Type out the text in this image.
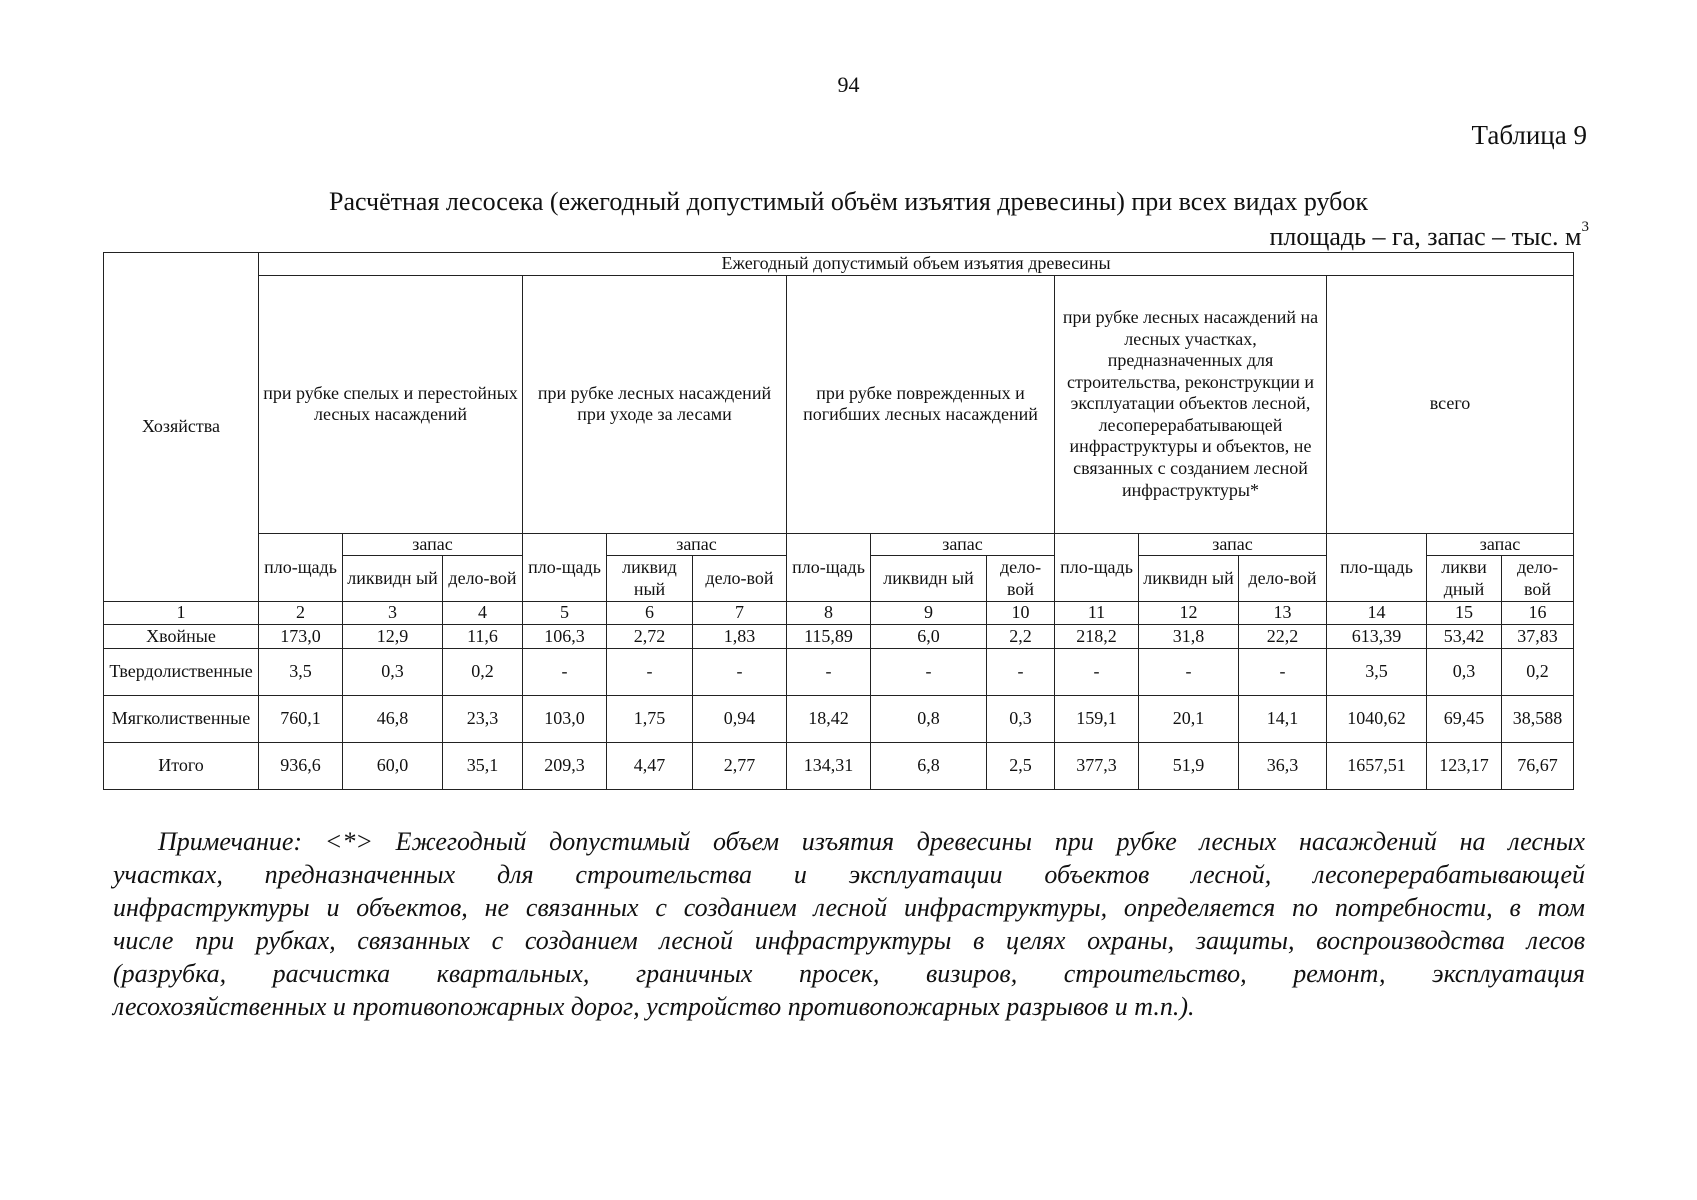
94
Таблица 9
Расчётная лесосека (ежегодный допустимый объём изъятия древесины) при всех видах рубок
площадь – га, запас – тыс. $м^3$
Хозяйства	Ежегодный допустимый объем изъятия древесины														
	при рубке спелых и перестойных лесных насаждений			при рубке лесных насаждений при уходе за лесами			при рубке поврежденных и погибших лесных насаждений			при рубке лесных насаждений на лесных участках, предназначенных для строительства, реконструкции и эксплуатации объектов лесной, лесоперерабатывающей инфраструктуры и объектов, не связанных с созданием лесной инфраструктуры*			всего		
	пло-щадь	запас		пло-щадь	запас		пло-щадь	запас		пло-щадь	запас		пло-щадь	запас	
		ликвидн ый	дело-вой		ликвид ный	дело-вой		ликвидн ый	дело-вой		ликвидн ый	дело-вой		ликви дный	дело-вой
1	2	3	4	5	6	7	8	9	10	11	12	13	14	15	16
Хвойные	173,0	12,9	11,6	106,3	2,72	1,83	115,89	6,0	2,2	218,2	31,8	22,2	613,39	53,42	37,83
Твердолиственные	3,5	0,3	0,2	-	-	-	-	-	-	-	-	-	3,5	0,3	0,2
Мягколиственные	760,1	46,8	23,3	103,0	1,75	0,94	18,42	0,8	0,3	159,1	20,1	14,1	1040,62	69,45	38,588
Итого	936,6	60,0	35,1	209,3	4,47	2,77	134,31	6,8	2,5	377,3	51,9	36,3	1657,51	123,17	76,67
Примечание: <*> Ежегодный допустимый объем изъятия древесины при рубке лесных насаждений на лесных
участках, предназначенных для строительства и эксплуатации объектов лесной, лесоперерабатывающей
инфраструктуры и объектов, не связанных с созданием лесной инфраструктуры, определяется по потребности, в том
числе при рубках, связанных с созданием лесной инфраструктуры в целях охраны, защиты, воспроизводства лесов
(разрубка, расчистка квартальных, граничных просек, визиров, строительство, ремонт, эксплуатация
лесохозяйственных и противопожарных дорог, устройство противопожарных разрывов и т.п.).
